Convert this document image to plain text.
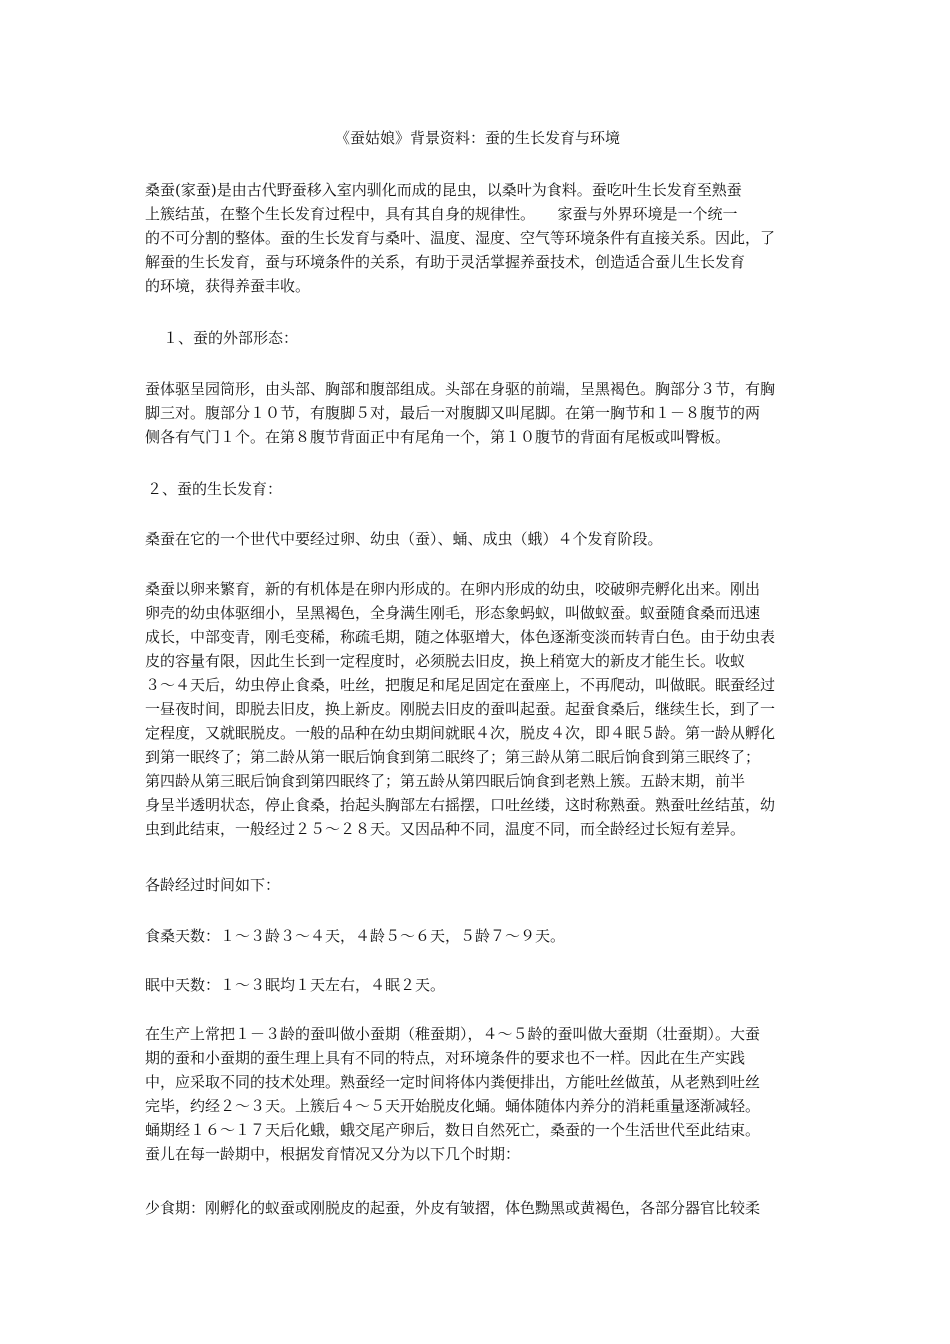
《蚕姑娘》背景资料：蚕的生长发育与环境
桑蚕(家蚕)是由古代野蚕移入室内驯化而成的昆虫，以桑叶为食料。蚕吃叶生长发育至熟蚕
上簇结茧，在整个生长发育过程中，具有其自身的规律性。　　家蚕与外界环境是一个统一
的不可分割的整体。蚕的生长发育与桑叶、温度、湿度、空气等环境条件有直接关系。因此，了
解蚕的生长发育，蚕与环境条件的关系，有助于灵活掌握养蚕技术，创造适合蚕儿生长发育
的环境，获得养蚕丰收。
１、蚕的外部形态：
蚕体驱呈园筒形，由头部、胸部和腹部组成。头部在身驱的前端，呈黑褐色。胸部分３节，有胸
脚三对。腹部分１０节，有腹脚５对，最后一对腹脚又叫尾脚。在第一胸节和１－８腹节的两
侧各有气门１个。在第８腹节背面正中有尾角一个，第１０腹节的背面有尾板或叫臀板。
２、蚕的生长发育：
桑蚕在它的一个世代中要经过卵、幼虫（蚕）、蛹、成虫（蛾）４个发育阶段。
桑蚕以卵来繁育，新的有机体是在卵内形成的。在卵内形成的幼虫，咬破卵壳孵化出来。刚出
卵壳的幼虫体驱细小，呈黑褐色，全身满生刚毛，形态象蚂蚁，叫做蚁蚕。蚁蚕随食桑而迅速
成长，中部变青，刚毛变稀，称疏毛期，随之体驱增大，体色逐渐变淡而转青白色。由于幼虫表
皮的容量有限，因此生长到一定程度时，必须脱去旧皮，换上稍宽大的新皮才能生长。收蚁
３～４天后，幼虫停止食桑，吐丝，把腹足和尾足固定在蚕座上，不再爬动，叫做眠。眠蚕经过
一昼夜时间，即脱去旧皮，换上新皮。刚脱去旧皮的蚕叫起蚕。起蚕食桑后，继续生长，到了一
定程度，又就眠脱皮。一般的品种在幼虫期间就眠４次，脱皮４次，即４眠５龄。第一龄从孵化
到第一眠终了；第二龄从第一眠后饷食到第二眠终了；第三龄从第二眠后饷食到第三眠终了；
第四龄从第三眠后饷食到第四眠终了；第五龄从第四眠后饷食到老熟上簇。五龄末期，前半
身呈半透明状态，停止食桑，抬起头胸部左右摇摆，口吐丝缕，这时称熟蚕。熟蚕吐丝结茧，幼
虫到此结束，一般经过２５～２８天。又因品种不同，温度不同，而全龄经过长短有差异。
各龄经过时间如下：
食桑天数：１～３龄３～４天，４龄５～６天，５龄７～９天。
眠中天数：１～３眠均１天左右，４眠２天。
在生产上常把１－３龄的蚕叫做小蚕期（稚蚕期），４～５龄的蚕叫做大蚕期（壮蚕期）。大蚕
期的蚕和小蚕期的蚕生理上具有不同的特点，对环境条件的要求也不一样。因此在生产实践
中，应采取不同的技术处理。熟蚕经一定时间将体内粪便排出，方能吐丝做茧，从老熟到吐丝
完毕，约经２～３天。上簇后４～５天开始脱皮化蛹。蛹体随体内养分的消耗重量逐渐减轻。
蛹期经１６～１７天后化蛾，蛾交尾产卵后，数日自然死亡，桑蚕的一个生活世代至此结束。
蚕儿在每一龄期中，根据发育情况又分为以下几个时期：
少食期：刚孵化的蚁蚕或刚脱皮的起蚕，外皮有皱摺，体色黝黑或黄褐色，各部分器官比较柔
